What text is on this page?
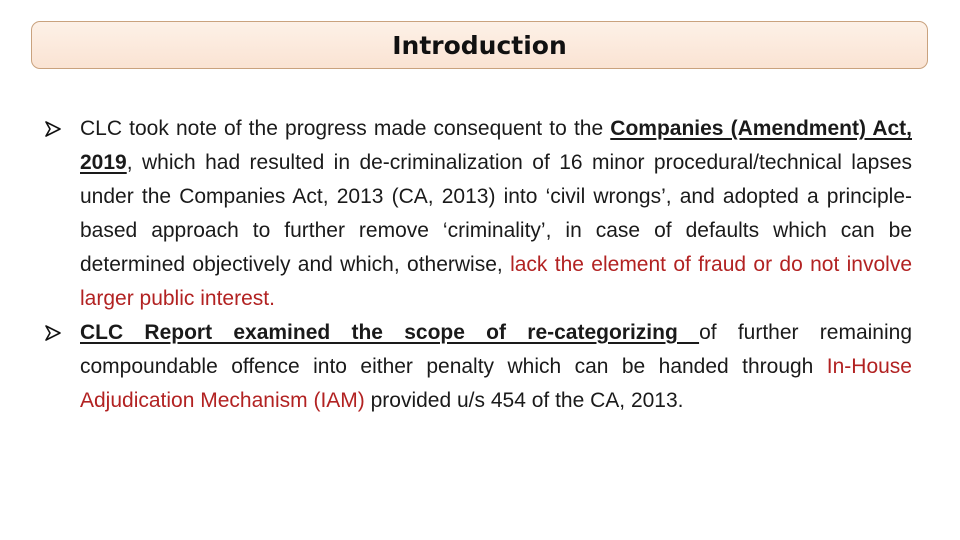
Introduction
CLC took note of the progress made consequent to the Companies (Amendment) Act, 2019, which had resulted in de-criminalization of 16 minor procedural/technical lapses under the Companies Act, 2013 (CA, 2013) into ‘civil wrongs’, and adopted a principle-based approach to further remove ‘criminality’, in case of defaults which can be determined objectively and which, otherwise, lack the element of fraud or do not involve larger public interest.
CLC Report examined the scope of re-categorizing of further remaining compoundable offence into either penalty which can be handed through In-House Adjudication Mechanism (IAM) provided u/s 454 of the CA, 2013.
